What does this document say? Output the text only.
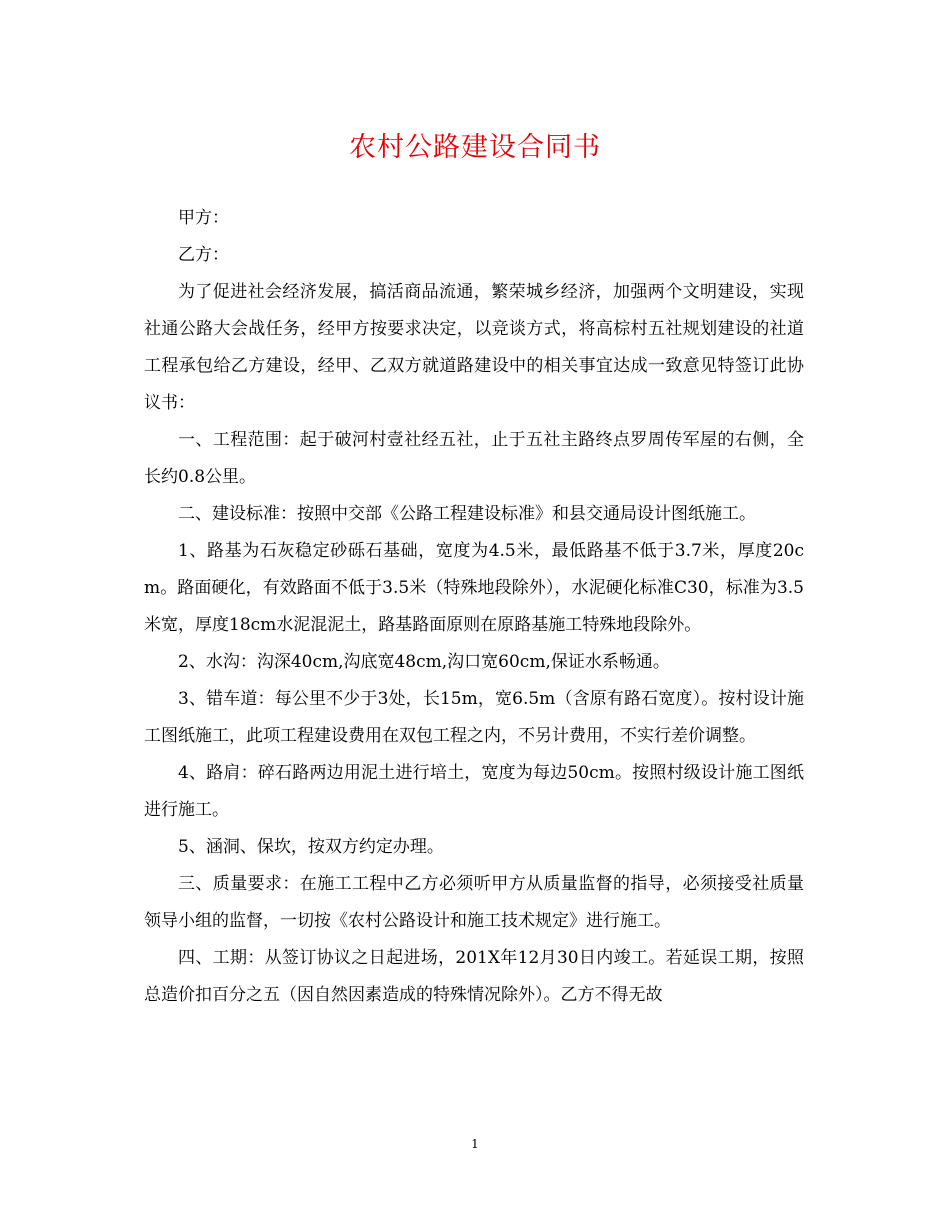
农村公路建设合同书

甲方：

乙方：

为了促进社会经济发展，搞活商品流通，繁荣城乡经济，加强两个文明建设，实现社通公路大会战任务，经甲方按要求决定，以竞谈方式，将高棕村五社规划建设的社道工程承包给乙方建设，经甲、乙双方就道路建设中的相关事宜达成一致意见特签订此协议书：

一、工程范围：起于破河村壹社经五社，止于五社主路终点罗周传军屋的右侧，全长约0.8公里。

二、建设标准：按照中交部《公路工程建设标准》和县交通局设计图纸施工。

1、路基为石灰稳定砂砾石基础，宽度为4.5米，最低路基不低于3.7米，厚度20cm。路面硬化，有效路面不低于3.5米（特殊地段除外），水泥硬化标准C30，标准为3.5米宽，厚度18cm水泥混泥土，路基路面原则在原路基施工特殊地段除外。

2、水沟：沟深40cm,沟底宽48cm,沟口宽60cm,保证水系畅通。

3、错车道：每公里不少于3处，长15m，宽6.5m（含原有路石宽度）。按村设计施工图纸施工，此项工程建设费用在双包工程之内，不另计费用，不实行差价调整。

4、路肩：碎石路两边用泥土进行培土，宽度为每边50cm。按照村级设计施工图纸进行施工。

5、涵洞、保坎，按双方约定办理。

三、质量要求：在施工工程中乙方必须听甲方从质量监督的指导，必须接受社质量领导小组的监督，一切按《农村公路设计和施工技术规定》进行施工。

四、工期：从签订协议之日起进场，201X年12月30日内竣工。若延误工期，按照总造价扣百分之五（因自然因素造成的特殊情况除外）。乙方不得无故

1
